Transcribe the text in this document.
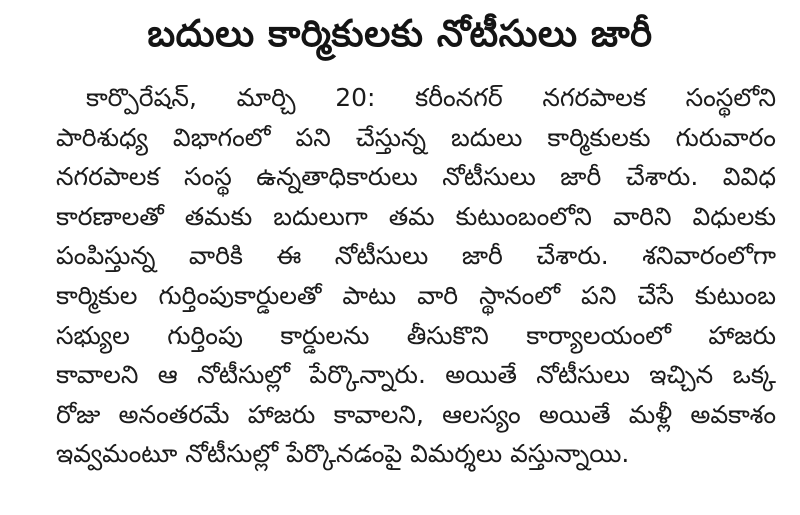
బదులు కార్మికులకు నోటీసులు జారీ
కార్పొరేషన్, మార్చి 20: కరీంనగర్ నగరపాలక సంస్థలోని
పారిశుధ్య విభాగంలో పని చేస్తున్న బదులు కార్మికులకు గురువారం
నగరపాలక సంస్థ ఉన్నతాధికారులు నోటీసులు జారీ చేశారు. వివిధ
కారణాలతో తమకు బదులుగా తమ కుటుంబంలోని వారిని విధులకు
పంపిస్తున్న వారికి ఈ నోటీసులు జారీ చేశారు. శనివారంలోగా
కార్మికుల గుర్తింపుకార్డులతో పాటు వారి స్థానంలో పని చేసే కుటుంబ
సభ్యుల గుర్తింపు కార్డులను తీసుకొని కార్యాలయంలో హాజరు
కావాలని ఆ నోటీసుల్లో పేర్కొన్నారు. అయితే నోటీసులు ఇచ్చిన ఒక్క
రోజు అనంతరమే హాజరు కావాలని, ఆలస్యం అయితే మళ్లీ అవకాశం
ఇవ్వమంటూ నోటీసుల్లో పేర్కొనడంపై విమర్శలు వస్తున్నాయి.
